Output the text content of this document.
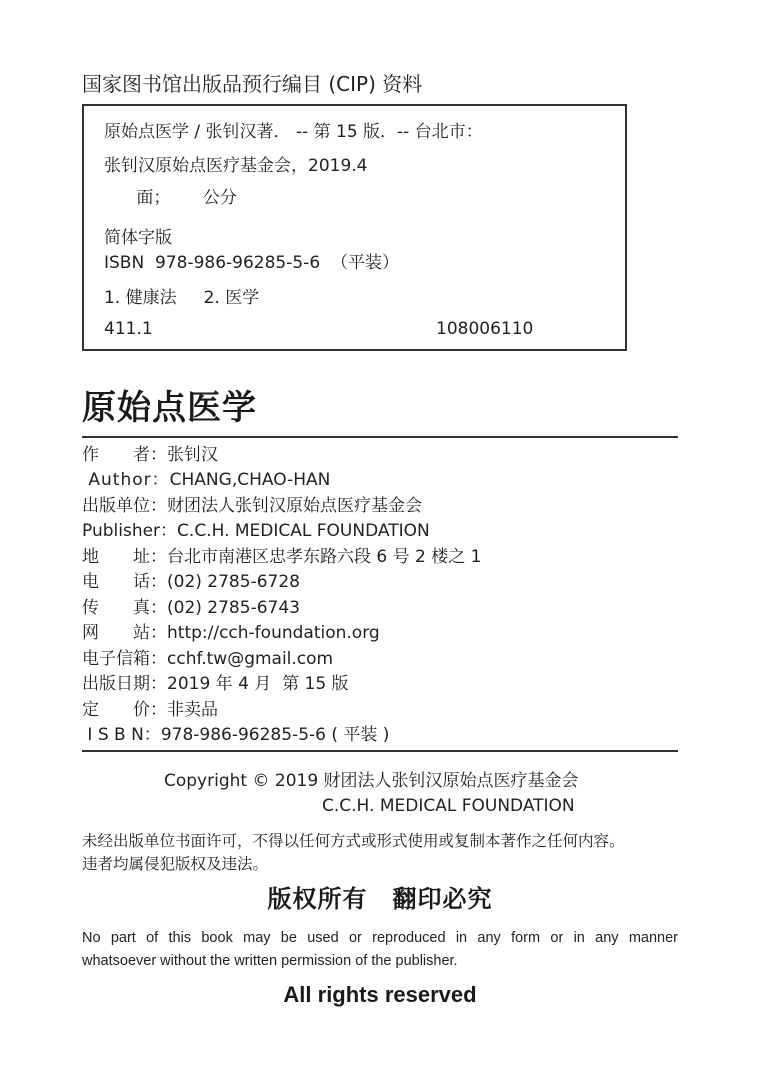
国家图书馆出版品预行编目 (CIP) 资料
原始点医学 / 张钊汉著． -- 第 15 版．-- 台北市：
张钊汉原始点医疗基金会，2019.4
面；      公分
简体字版
ISBN  978-986-96285-5-6  （平装）
1. 健康法     2. 医学
411.1	108006110
原始点医学
作　　者： 张钊汉
Author： CHANG,CHAO-HAN
出版单位： 财团法人张钊汉原始点医疗基金会
Publisher： C.C.H. MEDICAL FOUNDATION
地　　址： 台北市南港区忠孝东路六段 6 号 2 楼之 1
电　　话： (02) 2785-6728
传　　真： (02) 2785-6743
网　　站： http://cch-foundation.org
电子信箱： cchf.tw@gmail.com
出版日期： 2019 年 4 月  第 15 版
定　　价： 非卖品
I S B N： 978-986-96285-5-6 ( 平装 )
Copyright © 2019 财团法人张钊汉原始点医疗基金会
C.C.H. MEDICAL FOUNDATION
未经出版单位书面许可，不得以任何方式或形式使用或复制本著作之任何内容。
违者均属侵犯版权及违法。
版权所有　翻印必究
No part of this book may be used or reproduced in any form or in any manner
whatsoever without the written permission of the publisher.
All rights reserved
